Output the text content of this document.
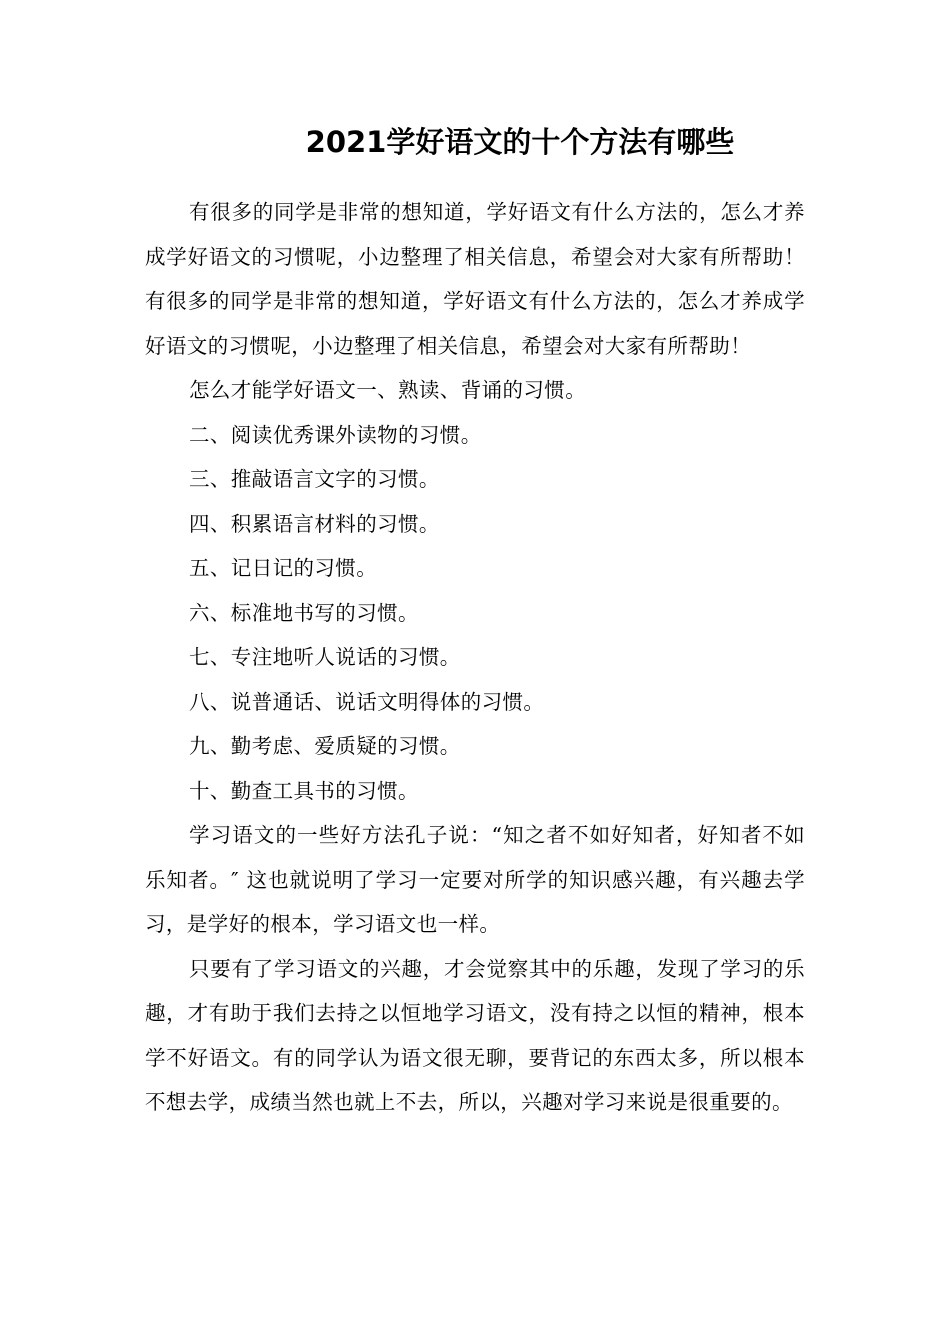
2021学好语文的十个方法有哪些

有很多的同学是非常的想知道，学好语文有什么方法的，怎么才养成学好语文的习惯呢，小边整理了相关信息，希望会对大家有所帮助！有很多的同学是非常的想知道，学好语文有什么方法的，怎么才养成学好语文的习惯呢，小边整理了相关信息，希望会对大家有所帮助！

怎么才能学好语文一、熟读、背诵的习惯。

二、阅读优秀课外读物的习惯。

三、推敲语言文字的习惯。

四、积累语言材料的习惯。

五、记日记的习惯。

六、标准地书写的习惯。

七、专注地听人说话的习惯。

八、说普通话、说话文明得体的习惯。

九、勤考虑、爱质疑的习惯。

十、勤查工具书的习惯。

学习语文的一些好方法孔子说：“知之者不如好知者，好知者不如乐知者。″ 这也就说明了学习一定要对所学的知识感兴趣，有兴趣去学习，是学好的根本，学习语文也一样。

只要有了学习语文的兴趣，才会觉察其中的乐趣，发现了学习的乐趣，才有助于我们去持之以恒地学习语文，没有持之以恒的精神，根本学不好语文。有的同学认为语文很无聊，要背记的东西太多，所以根本不想去学，成绩当然也就上不去，所以，兴趣对学习来说是很重要的。
